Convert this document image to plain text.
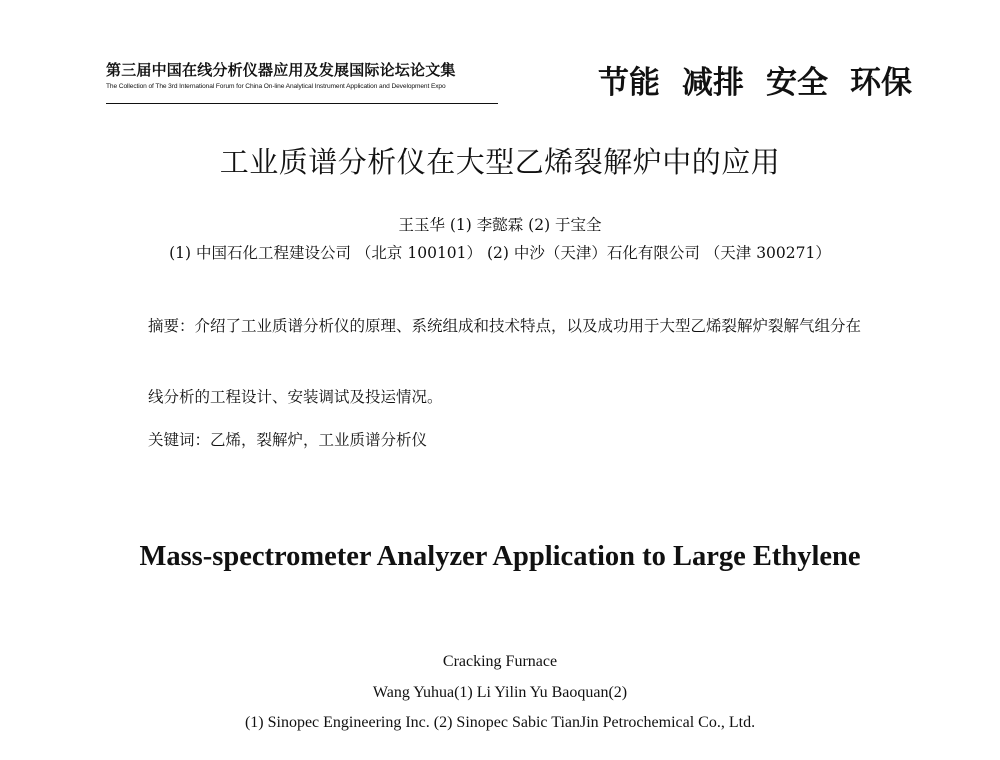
第三届中国在线分析仪器应用及发展国际论坛论文集
The Collection of The 3rd International Forum for China On-line Analytical Instrument Application and Development Expo	节能 减排 安全 环保
工业质谱分析仪在大型乙烯裂解炉中的应用
王玉华 (1) 李懿霖 (2) 于宝全
(1) 中国石化工程建设公司 （北京 100101） (2) 中沙（天津）石化有限公司 （天津 300271）
摘要：介绍了工业质谱分析仪的原理、系统组成和技术特点，以及成功用于大型乙烯裂解炉裂解气组分在
线分析的工程设计、安装调试及投运情况。
关键词：乙烯，裂解炉，工业质谱分析仪
Mass-spectrometer Analyzer Application to Large Ethylene
Cracking Furnace
Wang Yuhua(1) Li Yilin Yu Baoquan(2)
(1) Sinopec Engineering Inc. (2) Sinopec Sabic TianJin Petrochemical Co., Ltd.
